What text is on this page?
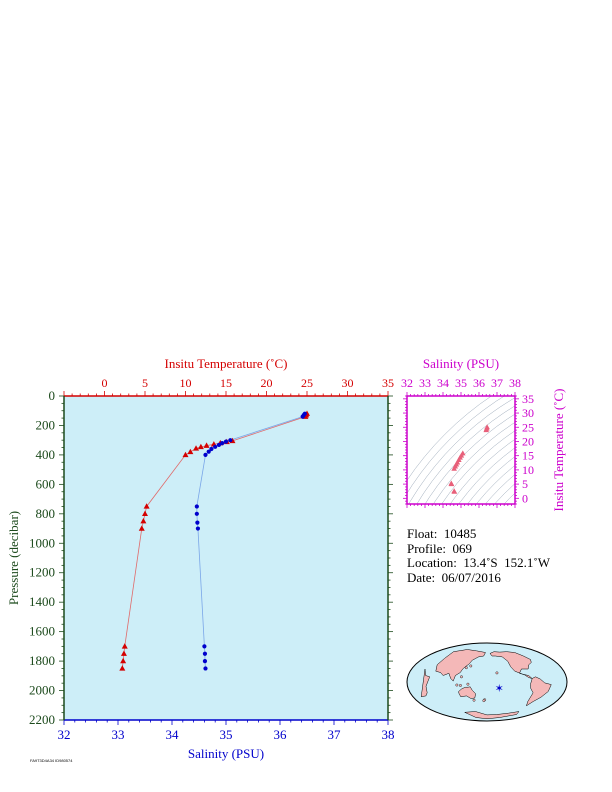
0	5	10 15 20 25 30 35
32	33	34	35	36	37	38
0
200
400
600
800
1000
1200
1400
1600
1800
2000
2200
Insitu Temperature (˚C)
Salinity (PSU)
Pressure (decibar)
32 33 34 35 36 37 38
0
5
10
15
20
25
30
35
Salinity (PSU)
Insitu Temperature (˚C)
✶
Float: 10485
Profile: 069
Location: 13.4˚S  152.1˚W
Date: 06/07/2016
FA9T3D4A34 ID980574
